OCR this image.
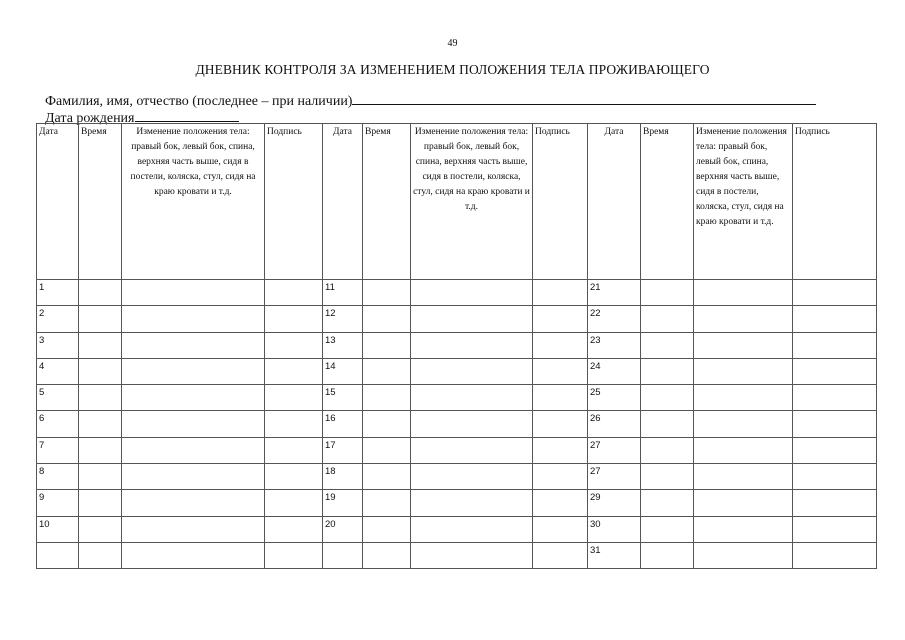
49
ДНЕВНИК КОНТРОЛЯ ЗА ИЗМЕНЕНИЕМ ПОЛОЖЕНИЯ ТЕЛА ПРОЖИВАЮЩЕГО
Фамилия, имя, отчество (последнее – при наличии)
Дата рождения
Дата	Время	Изменение положения тела: правый бок, левый бок, спина, верхняя часть выше, сидя в постели, коляска, стул, сидя на краю кровати и т.д.	Подпись	Дата	Время	Изменение положения тела: правый бок, левый бок, спина, верхняя часть выше, сидя в постели, коляска, стул, сидя на краю кровати и т.д.	Подпись	Дата	Время	Изменение положения тела: правый бок, левый бок, спина, верхняя часть выше, сидя в постели, коляска, стул, сидя на краю кровати и т.д.	Подпись
1				11				21			
2				12				22			
3				13				23			
4				14				24			
5				15				25			
6				16				26			
7				17				27			
8				18				27			
9				19				29			
10				20				30			
								31			
